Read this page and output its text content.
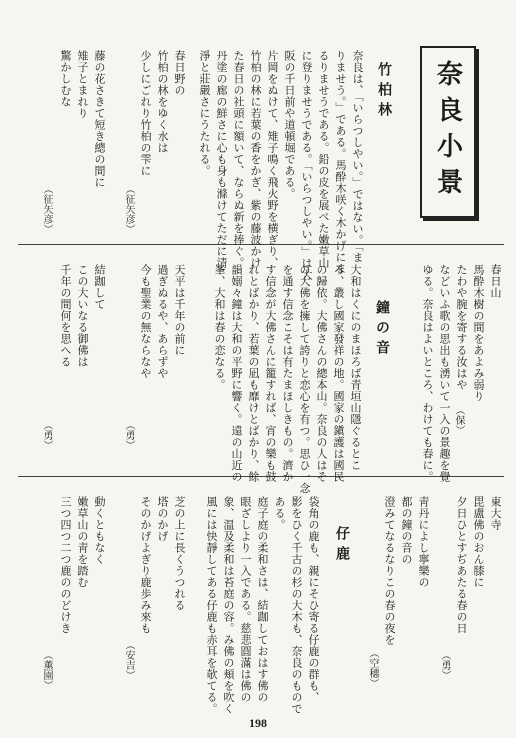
奈良小景
竹柏林
奈良は、「いらつしやい。」ではない。「ま
りませう。」である。馬酔木咲く木かげにま
るりませうである。鉛の皮を展べた嫩草山
に登りませうである。「いらつしやい。」は大
阪の千日前や道頓堀である。
片岡をぬけて、雉子鳴く飛火野を横ぎり、
竹柏の林に若葉の香をかぎ、紫の藤波かけ
た春日の社頭に額いて、ならぬ新を捧ぐ。
丹塗の廊の鮮さに心も身も滌けてただに清
淨と莊嚴さにうたれる。
春日野の
竹柏の林をゆく水は
少しにごれり竹柏の雫に
（征矢彦）
藤の花さきて短き總の間に
雉子とまれり
驚かしむな
（征矢彦）
春日山
馬酔木樹の間をあよみ弱り
たわや腕を寄する汝はや
などいふ歌の思出も湧いて一入の景趣を覺
ゆる。奈良はよいところ、わけても春に。 （保）
鐘の音
大和はくにのまほろば青垣山隱ぐるとこ
ろ、叢し國家發祥の地。國家の鎭護は國民
の歸依。大佛さんの總本山。奈良の人はそ
の大佛を擁して誇りと恋心を有つ。思ひ一念
を通す信念こそは有たまほしきもの。濟か
す信念が大佛さんに籠すれば、宵の樂も鼓
れとばかり、若葉の凪も靡けとばかり、餘
韻嫋々鐘は大和の平野に響く。遠の山近の
峯、大和は春の恋なる。
天平は千年の前に
過ぎぬるや、あらずや
今も聖業の無ならなや
（勇）
結跏して
この大いなる御佛は
千年の間何を思へる
（勇）
東大寺
毘盧佛のおん膝に
夕日ひとすぢあたる春の日
（勇）
靑丹によし寧樂の
都の鐘の音の
澄みてなるなりこの春の夜を
（空穗）
仔鹿
袋角の鹿も、親にそひ寄る仔鹿の群も、
影をひく千古の杉の大木も、奈良のもので
ある。
庭子庭の柔和さは、結跏しておはす佛の
眼ざしより一入である。慈悲圓滿は佛の
象、温及柔和は苔庭の容。み佛の頬を吹く
風には快靜してある仔鹿も赤耳を欹てる。
芝の上に長くうつれる
塔のかげ
そのかげよぎり鹿歩み來も
（安吉）
動くともなく
嫩草山の靑を踏む
三つ四つ二つ鹿ののどけき
（薫園）
198
